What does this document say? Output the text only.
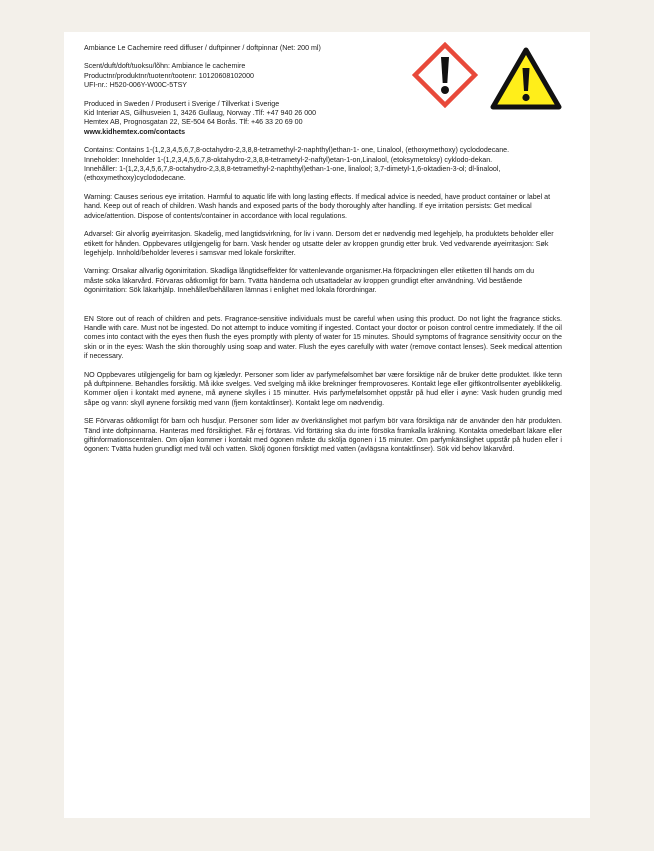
Ambiance Le Cachemire reed diffuser / duftpinner / doftpinnar (Net: 200 ml)

Scent/duft/doft/tuoksu/lõhn: Ambiance le cachemire
Productnr/produktnr/tuotenr/tootenr: 10120608102000
UFI-nr.: H520-006Y-W00C-5TSY
Produced in Sweden / Produsert i Sverige / Tillverkat i Sverige
Kid Interiør AS, Gilhusveien 1, 3426 Gullaug, Norway .Tlf: +47 940 26 000
Hemtex AB, Prognosgatan 22, SE-504 64 Borås. Tlf: +46 33 20 69 00
www.kidhemtex.com/contacts

Contains: Contains 1-(1,2,3,4,5,6,7,8-octahydro-2,3,8,8-tetramethyl-2-naphthyl)ethan-1- one, Linalool, (ethoxymethoxy) cyclododecane.

Inneholder: Inneholder 1-(1,2,3,4,5,6,7,8-oktahydro-2,3,8,8-tetrametyl-2-naftyl)etan-1-on,Linalool, (etoksymetoksy) cyklodo-dekan.

Innehåller: 1-(1,2,3,4,5,6,7,8-octahydro-2,3,8,8-tetramethyl-2-naphthyl)ethan-1-one, linalool; 3,7-dimetyl-1,6-oktadien-3-ol; dl-linalool, (ethoxymethoxy)cyclododecane.

Warning: Causes serious eye irritation. Harmful to aquatic life with long lasting effects. If medical advice is needed, have product container or label at hand. Keep out of reach of children. Wash hands and exposed parts of the body thoroughly after handling. If eye irritation persists: Get medical advice/attention. Dispose of contents/container in accordance with local regulations.

Advarsel: Gir alvorlig øyeirritasjon. Skadelig, med langtidsvirkning, for liv i vann. Dersom det er nødvendig med legehjelp, ha produktets beholder eller etikett for hånden. Oppbevares utilgjengelig for barn. Vask hender og utsatte deler av kroppen grundig etter bruk. Ved vedvarende øyeirritasjon: Søk legehjelp. Innhold/beholder leveres i samsvar med lokale forskrifter.

Varning: Orsakar allvarlig ögonirritation. Skadliga långtidseffekter för vattenlevande organismer.Ha förpackningen eller etiketten till hands om du måste söka läkarvård. Förvaras oåtkomligt för barn. Tvätta händerna och utsattadelar av kroppen grundligt efter användning. Vid bestående ögonirritation: Sök läkarhjälp. Innehållet/behållaren lämnas i enlighet med lokala förordningar.

EN Store out of reach of children and pets. Fragrance-sensitive individuals must be careful when using this product. Do not light the fragrance sticks. Handle with care. Must not be ingested. Do not attempt to induce vomiting if ingested. Contact your doctor or poison control centre immediately. If the oil comes into contact with the eyes then flush the eyes promptly with plenty of water for 15 minutes. Should symptoms of fragrance sensitivity occur on the skin or in the eyes: Wash the skin thoroughly using soap and water. Flush the eyes carefully with water (remove contact lenses). Seek medical attention if necessary.

NO Oppbevares utilgjengelig for barn og kjæledyr. Personer som lider av parfymefølsomhet bør være forsiktige når de bruker dette produktet. Ikke tenn på duftpinnene. Behandles forsiktig. Må ikke svelges. Ved svelging må ikke brekninger fremprovoseres. Kontakt lege eller giftkontrollsenter øyeblikkelig. Kommer oljen i kontakt med øynene, må øynene skylles i 15 minutter. Hvis parfymefølsomhet oppstår på hud eller i øyne: Vask huden grundig med såpe og vann: skyll øynene forsiktig med vann (fjern kontaktlinser). Kontakt lege om nødvendig.

SE Förvaras oåtkomligt för barn och husdjur. Personer som lider av överkänslighet mot parfym bör vara försiktiga när de använder den här produkten. Tänd inte doftpinnarna. Hanteras med försiktighet. Får ej förtäras. Vid förtäring ska du inte försöka framkalla kräkning. Kontakta omedelbart läkare eller giftinformationscentralen. Om oljan kommer i kontakt med ögonen måste du skölja ögonen i 15 minuter. Om parfymkänslighet uppstår på huden eller i ögonen: Tvätta huden grundligt med tvål och vatten. Skölj ögonen försiktigt med vatten (avlägsna kontaktlinser). Sök vid behov läkarvård.
